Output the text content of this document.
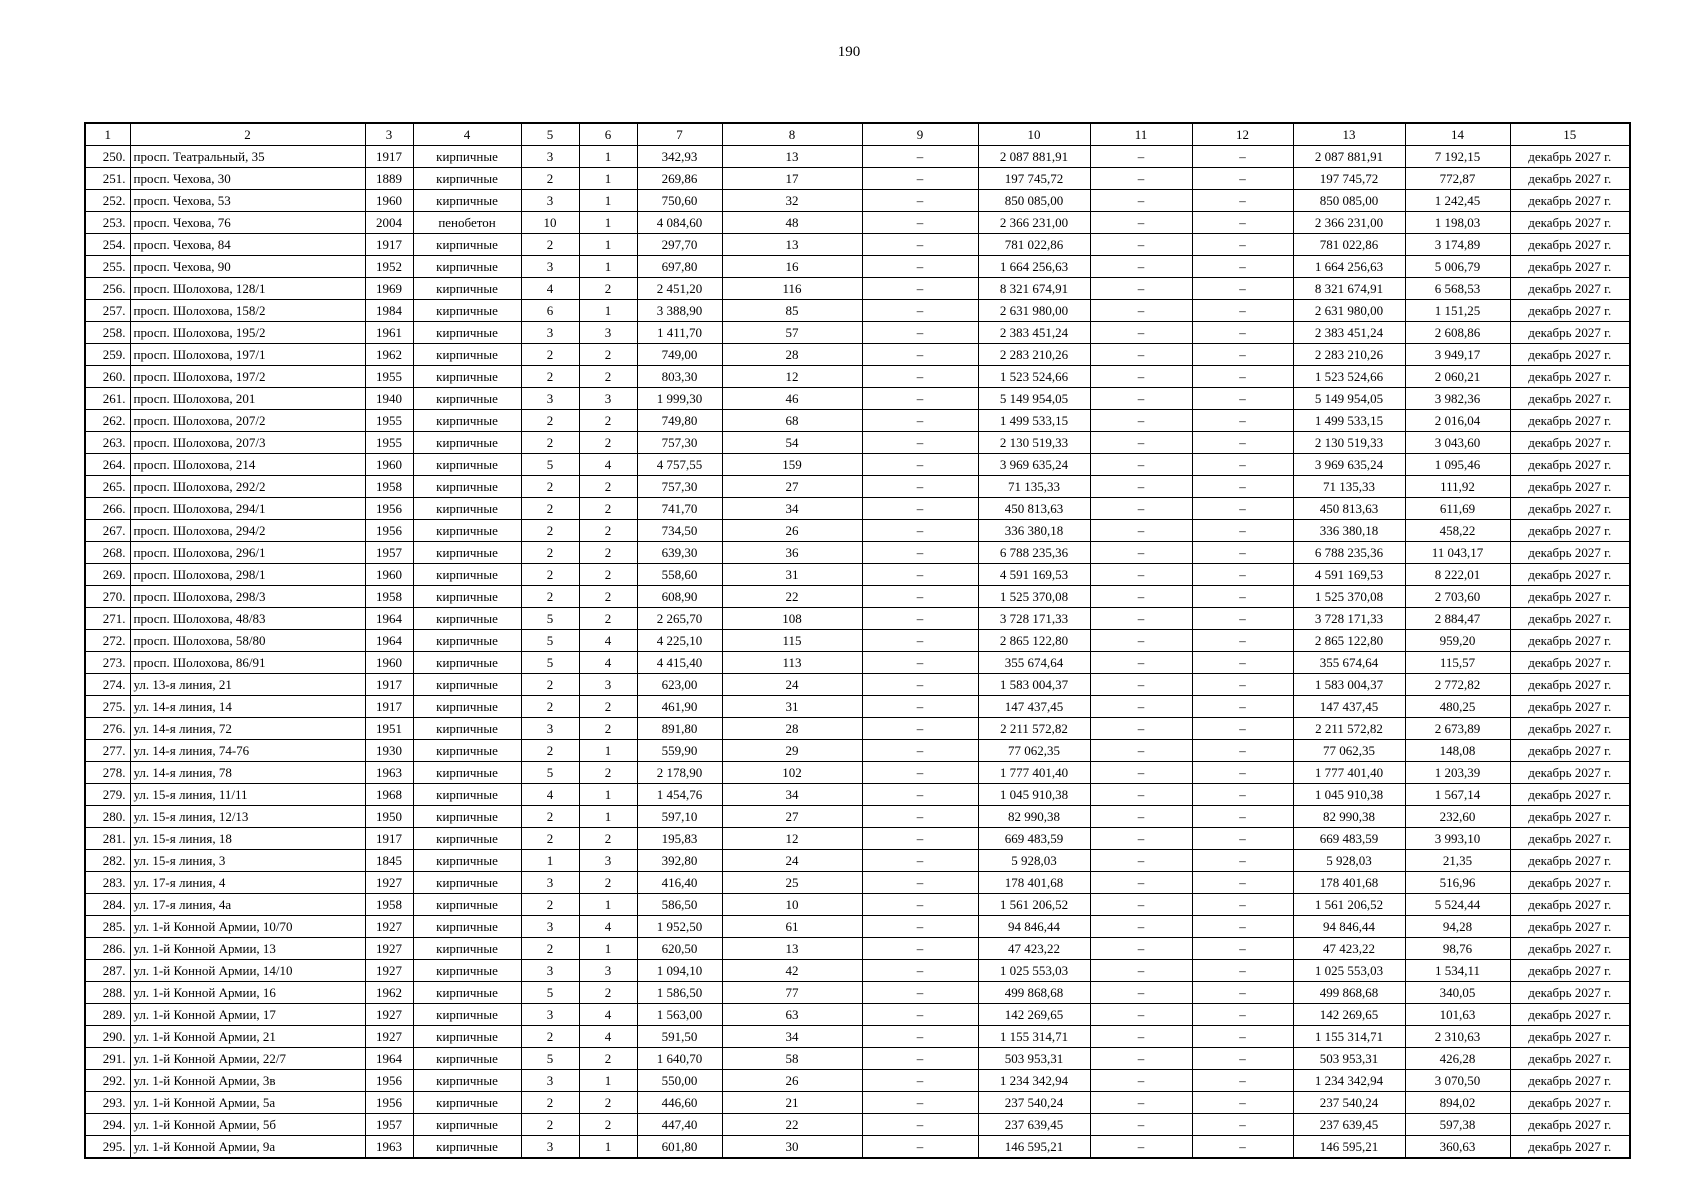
190
1	2	3	4	5	6	7	8	9	10	11	12	13	14	15
250.	просп. Театральный, 35	1917	кирпичные	3	1	342,93	13	–	2 087 881,91	–	–	2 087 881,91	7 192,15	декабрь 2027 г.
251.	просп. Чехова, 30	1889	кирпичные	2	1	269,86	17	–	197 745,72	–	–	197 745,72	772,87	декабрь 2027 г.
252.	просп. Чехова, 53	1960	кирпичные	3	1	750,60	32	–	850 085,00	–	–	850 085,00	1 242,45	декабрь 2027 г.
253.	просп. Чехова, 76	2004	пенобетон	10	1	4 084,60	48	–	2 366 231,00	–	–	2 366 231,00	1 198,03	декабрь 2027 г.
254.	просп. Чехова, 84	1917	кирпичные	2	1	297,70	13	–	781 022,86	–	–	781 022,86	3 174,89	декабрь 2027 г.
255.	просп. Чехова, 90	1952	кирпичные	3	1	697,80	16	–	1 664 256,63	–	–	1 664 256,63	5 006,79	декабрь 2027 г.
256.	просп. Шолохова, 128/1	1969	кирпичные	4	2	2 451,20	116	–	8 321 674,91	–	–	8 321 674,91	6 568,53	декабрь 2027 г.
257.	просп. Шолохова, 158/2	1984	кирпичные	6	1	3 388,90	85	–	2 631 980,00	–	–	2 631 980,00	1 151,25	декабрь 2027 г.
258.	просп. Шолохова, 195/2	1961	кирпичные	3	3	1 411,70	57	–	2 383 451,24	–	–	2 383 451,24	2 608,86	декабрь 2027 г.
259.	просп. Шолохова, 197/1	1962	кирпичные	2	2	749,00	28	–	2 283 210,26	–	–	2 283 210,26	3 949,17	декабрь 2027 г.
260.	просп. Шолохова, 197/2	1955	кирпичные	2	2	803,30	12	–	1 523 524,66	–	–	1 523 524,66	2 060,21	декабрь 2027 г.
261.	просп. Шолохова, 201	1940	кирпичные	3	3	1 999,30	46	–	5 149 954,05	–	–	5 149 954,05	3 982,36	декабрь 2027 г.
262.	просп. Шолохова, 207/2	1955	кирпичные	2	2	749,80	68	–	1 499 533,15	–	–	1 499 533,15	2 016,04	декабрь 2027 г.
263.	просп. Шолохова, 207/3	1955	кирпичные	2	2	757,30	54	–	2 130 519,33	–	–	2 130 519,33	3 043,60	декабрь 2027 г.
264.	просп. Шолохова, 214	1960	кирпичные	5	4	4 757,55	159	–	3 969 635,24	–	–	3 969 635,24	1 095,46	декабрь 2027 г.
265.	просп. Шолохова, 292/2	1958	кирпичные	2	2	757,30	27	–	71 135,33	–	–	71 135,33	111,92	декабрь 2027 г.
266.	просп. Шолохова, 294/1	1956	кирпичные	2	2	741,70	34	–	450 813,63	–	–	450 813,63	611,69	декабрь 2027 г.
267.	просп. Шолохова, 294/2	1956	кирпичные	2	2	734,50	26	–	336 380,18	–	–	336 380,18	458,22	декабрь 2027 г.
268.	просп. Шолохова, 296/1	1957	кирпичные	2	2	639,30	36	–	6 788 235,36	–	–	6 788 235,36	11 043,17	декабрь 2027 г.
269.	просп. Шолохова, 298/1	1960	кирпичные	2	2	558,60	31	–	4 591 169,53	–	–	4 591 169,53	8 222,01	декабрь 2027 г.
270.	просп. Шолохова, 298/3	1958	кирпичные	2	2	608,90	22	–	1 525 370,08	–	–	1 525 370,08	2 703,60	декабрь 2027 г.
271.	просп. Шолохова, 48/83	1964	кирпичные	5	2	2 265,70	108	–	3 728 171,33	–	–	3 728 171,33	2 884,47	декабрь 2027 г.
272.	просп. Шолохова, 58/80	1964	кирпичные	5	4	4 225,10	115	–	2 865 122,80	–	–	2 865 122,80	959,20	декабрь 2027 г.
273.	просп. Шолохова, 86/91	1960	кирпичные	5	4	4 415,40	113	–	355 674,64	–	–	355 674,64	115,57	декабрь 2027 г.
274.	ул. 13-я линия, 21	1917	кирпичные	2	3	623,00	24	–	1 583 004,37	–	–	1 583 004,37	2 772,82	декабрь 2027 г.
275.	ул. 14-я линия, 14	1917	кирпичные	2	2	461,90	31	–	147 437,45	–	–	147 437,45	480,25	декабрь 2027 г.
276.	ул. 14-я линия, 72	1951	кирпичные	3	2	891,80	28	–	2 211 572,82	–	–	2 211 572,82	2 673,89	декабрь 2027 г.
277.	ул. 14-я линия, 74-76	1930	кирпичные	2	1	559,90	29	–	77 062,35	–	–	77 062,35	148,08	декабрь 2027 г.
278.	ул. 14-я линия, 78	1963	кирпичные	5	2	2 178,90	102	–	1 777 401,40	–	–	1 777 401,40	1 203,39	декабрь 2027 г.
279.	ул. 15-я линия, 11/11	1968	кирпичные	4	1	1 454,76	34	–	1 045 910,38	–	–	1 045 910,38	1 567,14	декабрь 2027 г.
280.	ул. 15-я линия, 12/13	1950	кирпичные	2	1	597,10	27	–	82 990,38	–	–	82 990,38	232,60	декабрь 2027 г.
281.	ул. 15-я линия, 18	1917	кирпичные	2	2	195,83	12	–	669 483,59	–	–	669 483,59	3 993,10	декабрь 2027 г.
282.	ул. 15-я линия, 3	1845	кирпичные	1	3	392,80	24	–	5 928,03	–	–	5 928,03	21,35	декабрь 2027 г.
283.	ул. 17-я линия, 4	1927	кирпичные	3	2	416,40	25	–	178 401,68	–	–	178 401,68	516,96	декабрь 2027 г.
284.	ул. 17-я линия, 4а	1958	кирпичные	2	1	586,50	10	–	1 561 206,52	–	–	1 561 206,52	5 524,44	декабрь 2027 г.
285.	ул. 1-й Конной Армии, 10/70	1927	кирпичные	3	4	1 952,50	61	–	94 846,44	–	–	94 846,44	94,28	декабрь 2027 г.
286.	ул. 1-й Конной Армии, 13	1927	кирпичные	2	1	620,50	13	–	47 423,22	–	–	47 423,22	98,76	декабрь 2027 г.
287.	ул. 1-й Конной Армии, 14/10	1927	кирпичные	3	3	1 094,10	42	–	1 025 553,03	–	–	1 025 553,03	1 534,11	декабрь 2027 г.
288.	ул. 1-й Конной Армии, 16	1962	кирпичные	5	2	1 586,50	77	–	499 868,68	–	–	499 868,68	340,05	декабрь 2027 г.
289.	ул. 1-й Конной Армии, 17	1927	кирпичные	3	4	1 563,00	63	–	142 269,65	–	–	142 269,65	101,63	декабрь 2027 г.
290.	ул. 1-й Конной Армии, 21	1927	кирпичные	2	4	591,50	34	–	1 155 314,71	–	–	1 155 314,71	2 310,63	декабрь 2027 г.
291.	ул. 1-й Конной Армии, 22/7	1964	кирпичные	5	2	1 640,70	58	–	503 953,31	–	–	503 953,31	426,28	декабрь 2027 г.
292.	ул. 1-й Конной Армии, 3в	1956	кирпичные	3	1	550,00	26	–	1 234 342,94	–	–	1 234 342,94	3 070,50	декабрь 2027 г.
293.	ул. 1-й Конной Армии, 5а	1956	кирпичные	2	2	446,60	21	–	237 540,24	–	–	237 540,24	894,02	декабрь 2027 г.
294.	ул. 1-й Конной Армии, 5б	1957	кирпичные	2	2	447,40	22	–	237 639,45	–	–	237 639,45	597,38	декабрь 2027 г.
295.	ул. 1-й Конной Армии, 9а	1963	кирпичные	3	1	601,80	30	–	146 595,21	–	–	146 595,21	360,63	декабрь 2027 г.
